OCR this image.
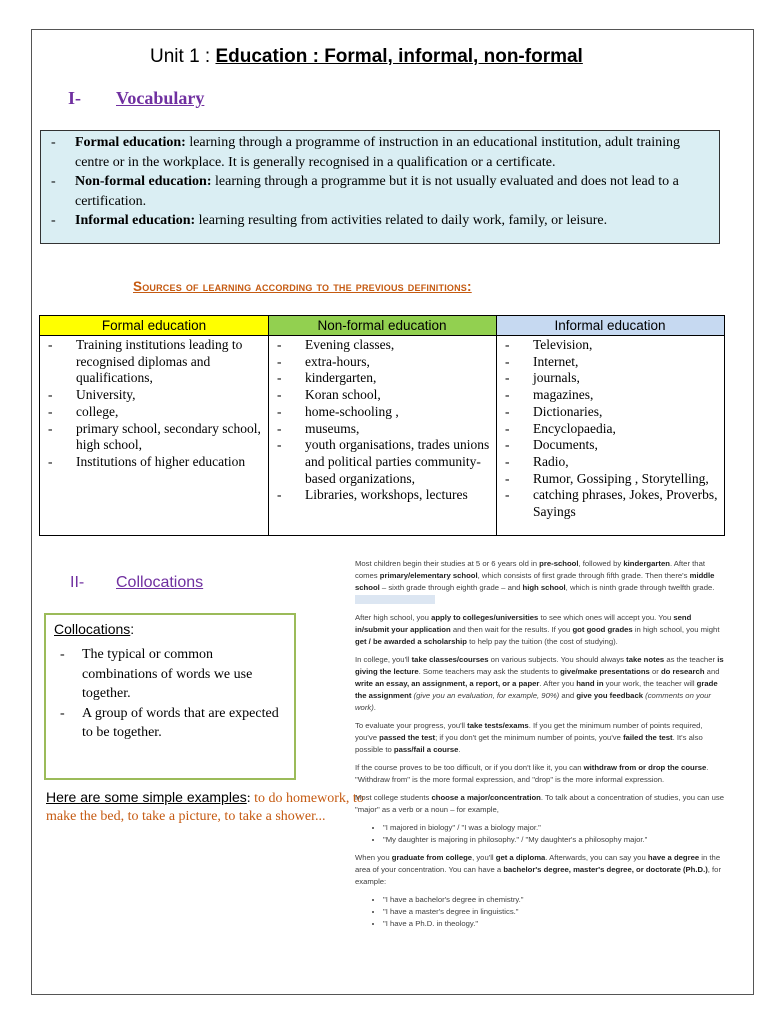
Unit 1 : Education : Formal, informal, non-formal
I- Vocabulary
- Formal education: learning through a programme of instruction in an educational institution, adult training centre or in the workplace. It is generally recognised in a qualification or a certificate.
- Non-formal education: learning through a programme but it is not usually evaluated and does not lead to a certification.
- Informal education: learning resulting from activities related to daily work, family, or leisure.
Sources of learning according to the previous definitions:
Formal education	Non-formal education	Informal education
- Training institutions leading to recognised diplomas and qualifications,
- University,
- college,
- primary school, secondary school, high school,
- Institutions of higher education
- Evening classes,
- extra-hours,
- kindergarten,
- Koran school,
- home-schooling ,
- museums,
- youth organisations, trades unions and political parties community-based organizations,
- Libraries, workshops, lectures
- Television,
- Internet,
- journals,
- magazines,
- Dictionaries,
- Encyclopaedia,
- Documents,
- Radio,
- Rumor, Gossiping , Storytelling,
- catching phrases, Jokes, Proverbs, Sayings
II- Collocations
Collocations:
- The typical or common combinations of words we use together.
- A group of words that are expected to be together.
Here are some simple examples: to do homework, to make the bed, to take a picture, to take a shower...

Most children begin their studies at 5 or 6 years old in pre-school, followed by kindergarten. After that comes primary/elementary school, which consists of first grade through fifth grade. Then there's middle school – sixth grade through eighth grade – and high school, which is ninth grade through twelfth grade.

After high school, you apply to colleges/universities to see which ones will accept you. You send in/submit your application and then wait for the results. If you got good grades in high school, you might get / be awarded a scholarship to help pay the tuition (the cost of studying).

In college, you'll take classes/courses on various subjects. You should always take notes as the teacher is giving the lecture. Some teachers may ask the students to give/make presentations or do research and write an essay, an assignment, a report, or a paper. After you hand in your work, the teacher will grade the assignment (give you an evaluation, for example, 90%) and give you feedback (comments on your work).

To evaluate your progress, you'll take tests/exams. If you get the minimum number of points required, you've passed the test; if you don't get the minimum number of points, you've failed the test. It's also possible to pass/fail a course.

If the course proves to be too difficult, or if you don't like it, you can withdraw from or drop the course. "Withdraw from" is the more formal expression, and "drop" is the more informal expression.

Most college students choose a major/concentration. To talk about a concentration of studies, you can use "major" as a verb or a noun – for example,

• "I majored in biology" / "I was a biology major."
• "My daughter is majoring in philosophy." / "My daughter's a philosophy major."

When you graduate from college, you'll get a diploma. Afterwards, you can say you have a degree in the area of your concentration. You can have a bachelor's degree, master's degree, or doctorate (Ph.D.), for example:

• "I have a bachelor's degree in chemistry."
• "I have a master's degree in linguistics."
• "I have a Ph.D. in theology."
